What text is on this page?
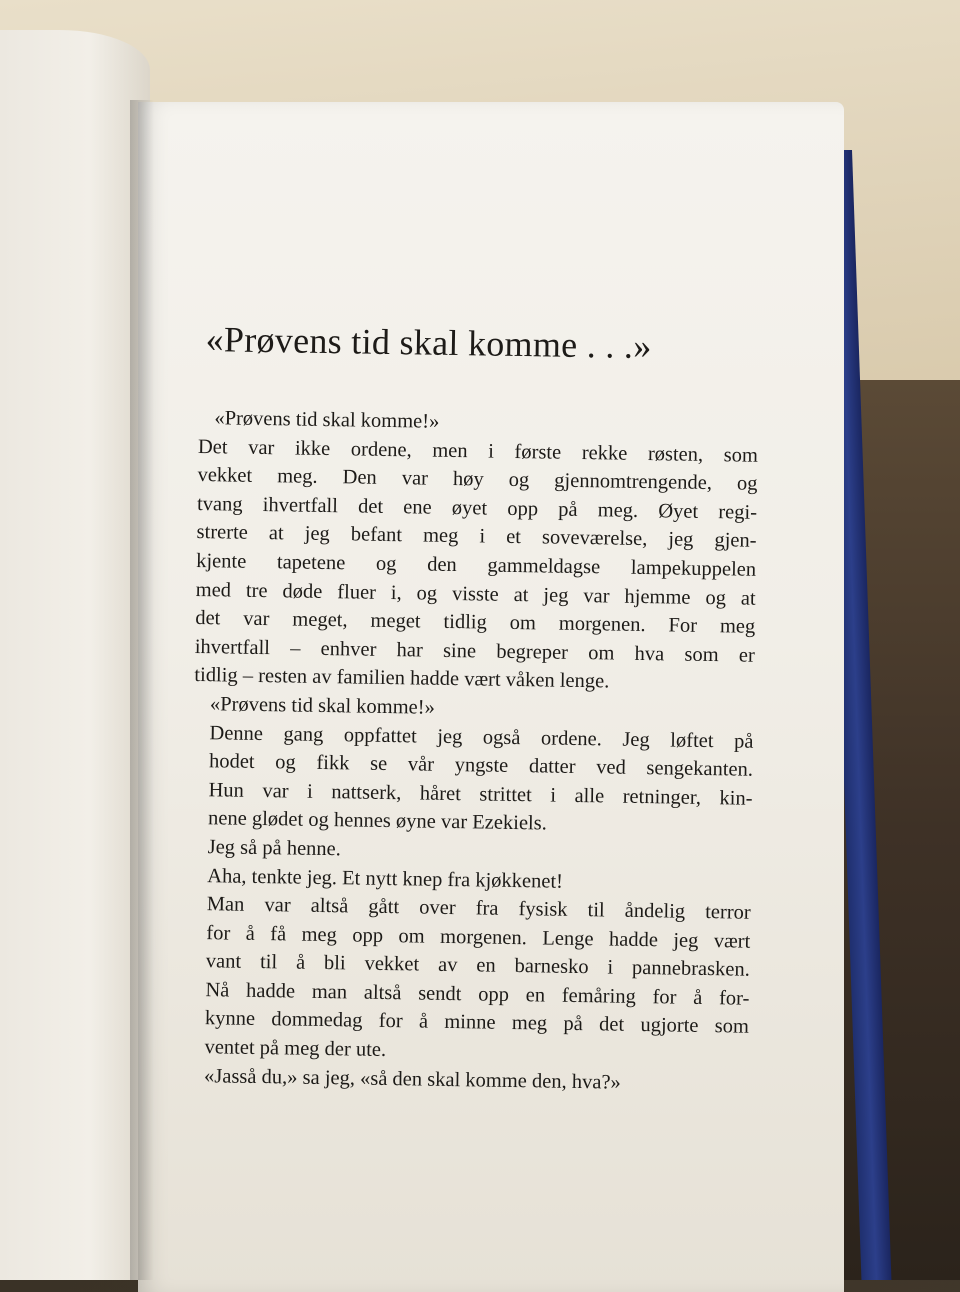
«Prøvens tid skal komme . . .»

«Prøvens tid skal komme!»

Det var ikke ordene, men i første rekke røsten, som
vekket meg. Den var høy og gjennomtrengende, og
tvang ihvertfall det ene øyet opp på meg. Øyet regi-
strerte at jeg befant meg i et soveværelse, jeg gjen-
kjente tapetene og den gammeldagse lampekuppelen
med tre døde fluer i, og visste at jeg var hjemme og at
det var meget, meget tidlig om morgenen. For meg
ihvertfall – enhver har sine begreper om hva som er
tidlig – resten av familien hadde vært våken lenge.

«Prøvens tid skal komme!»

Denne gang oppfattet jeg også ordene. Jeg løftet på
hodet og fikk se vår yngste datter ved sengekanten.
Hun var i nattserk, håret strittet i alle retninger, kin-
nene glødet og hennes øyne var Ezekiels.

Jeg så på henne.

Aha, tenkte jeg. Et nytt knep fra kjøkkenet!

Man var altså gått over fra fysisk til åndelig terror
for å få meg opp om morgenen. Lenge hadde jeg vært
vant til å bli vekket av en barnesko i pannebrasken.
Nå hadde man altså sendt opp en femåring for å for-
kynne dommedag for å minne meg på det ugjorte som
ventet på meg der ute.

«Jasså du,» sa jeg, «så den skal komme den, hva?»
